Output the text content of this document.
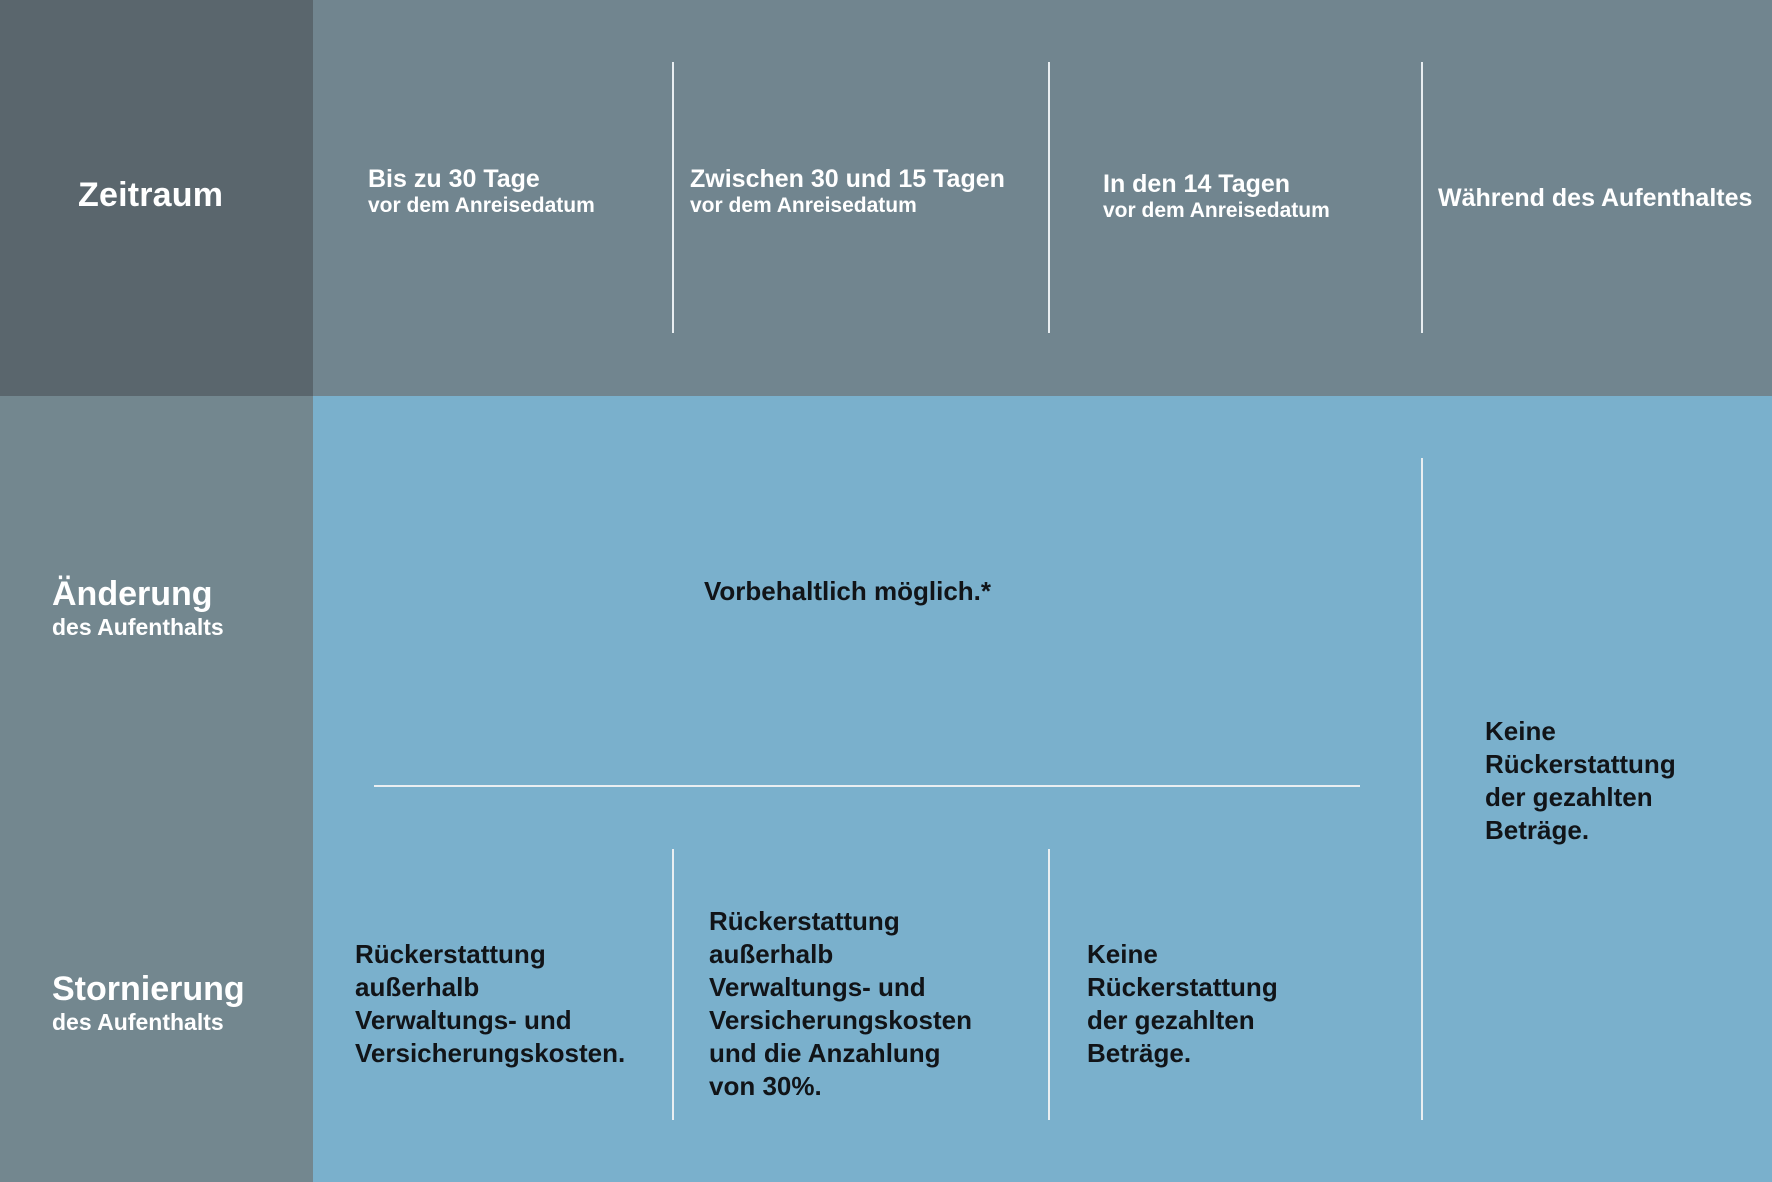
Zeitraum	Bis zu 30 Tage
vor dem Anreisedatum
Zwischen 30 und 15 Tagen
vor dem Anreisedatum
In den 14 Tagen
vor dem Anreisedatum	Während des Aufenthaltes
Änderung
des Aufenthalts
Stornierung
des Aufenthalts
Vorbehaltlich möglich.*
Rückerstattung
außerhalb
Verwaltungs- und
Versicherungskosten.
Rückerstattung
außerhalb
Verwaltungs- und
Versicherungskosten
und die Anzahlung
von 30%.
Keine
Rückerstattung
der gezahlten
Beträge.
Keine
Rückerstattung
der gezahlten
Beträge.
